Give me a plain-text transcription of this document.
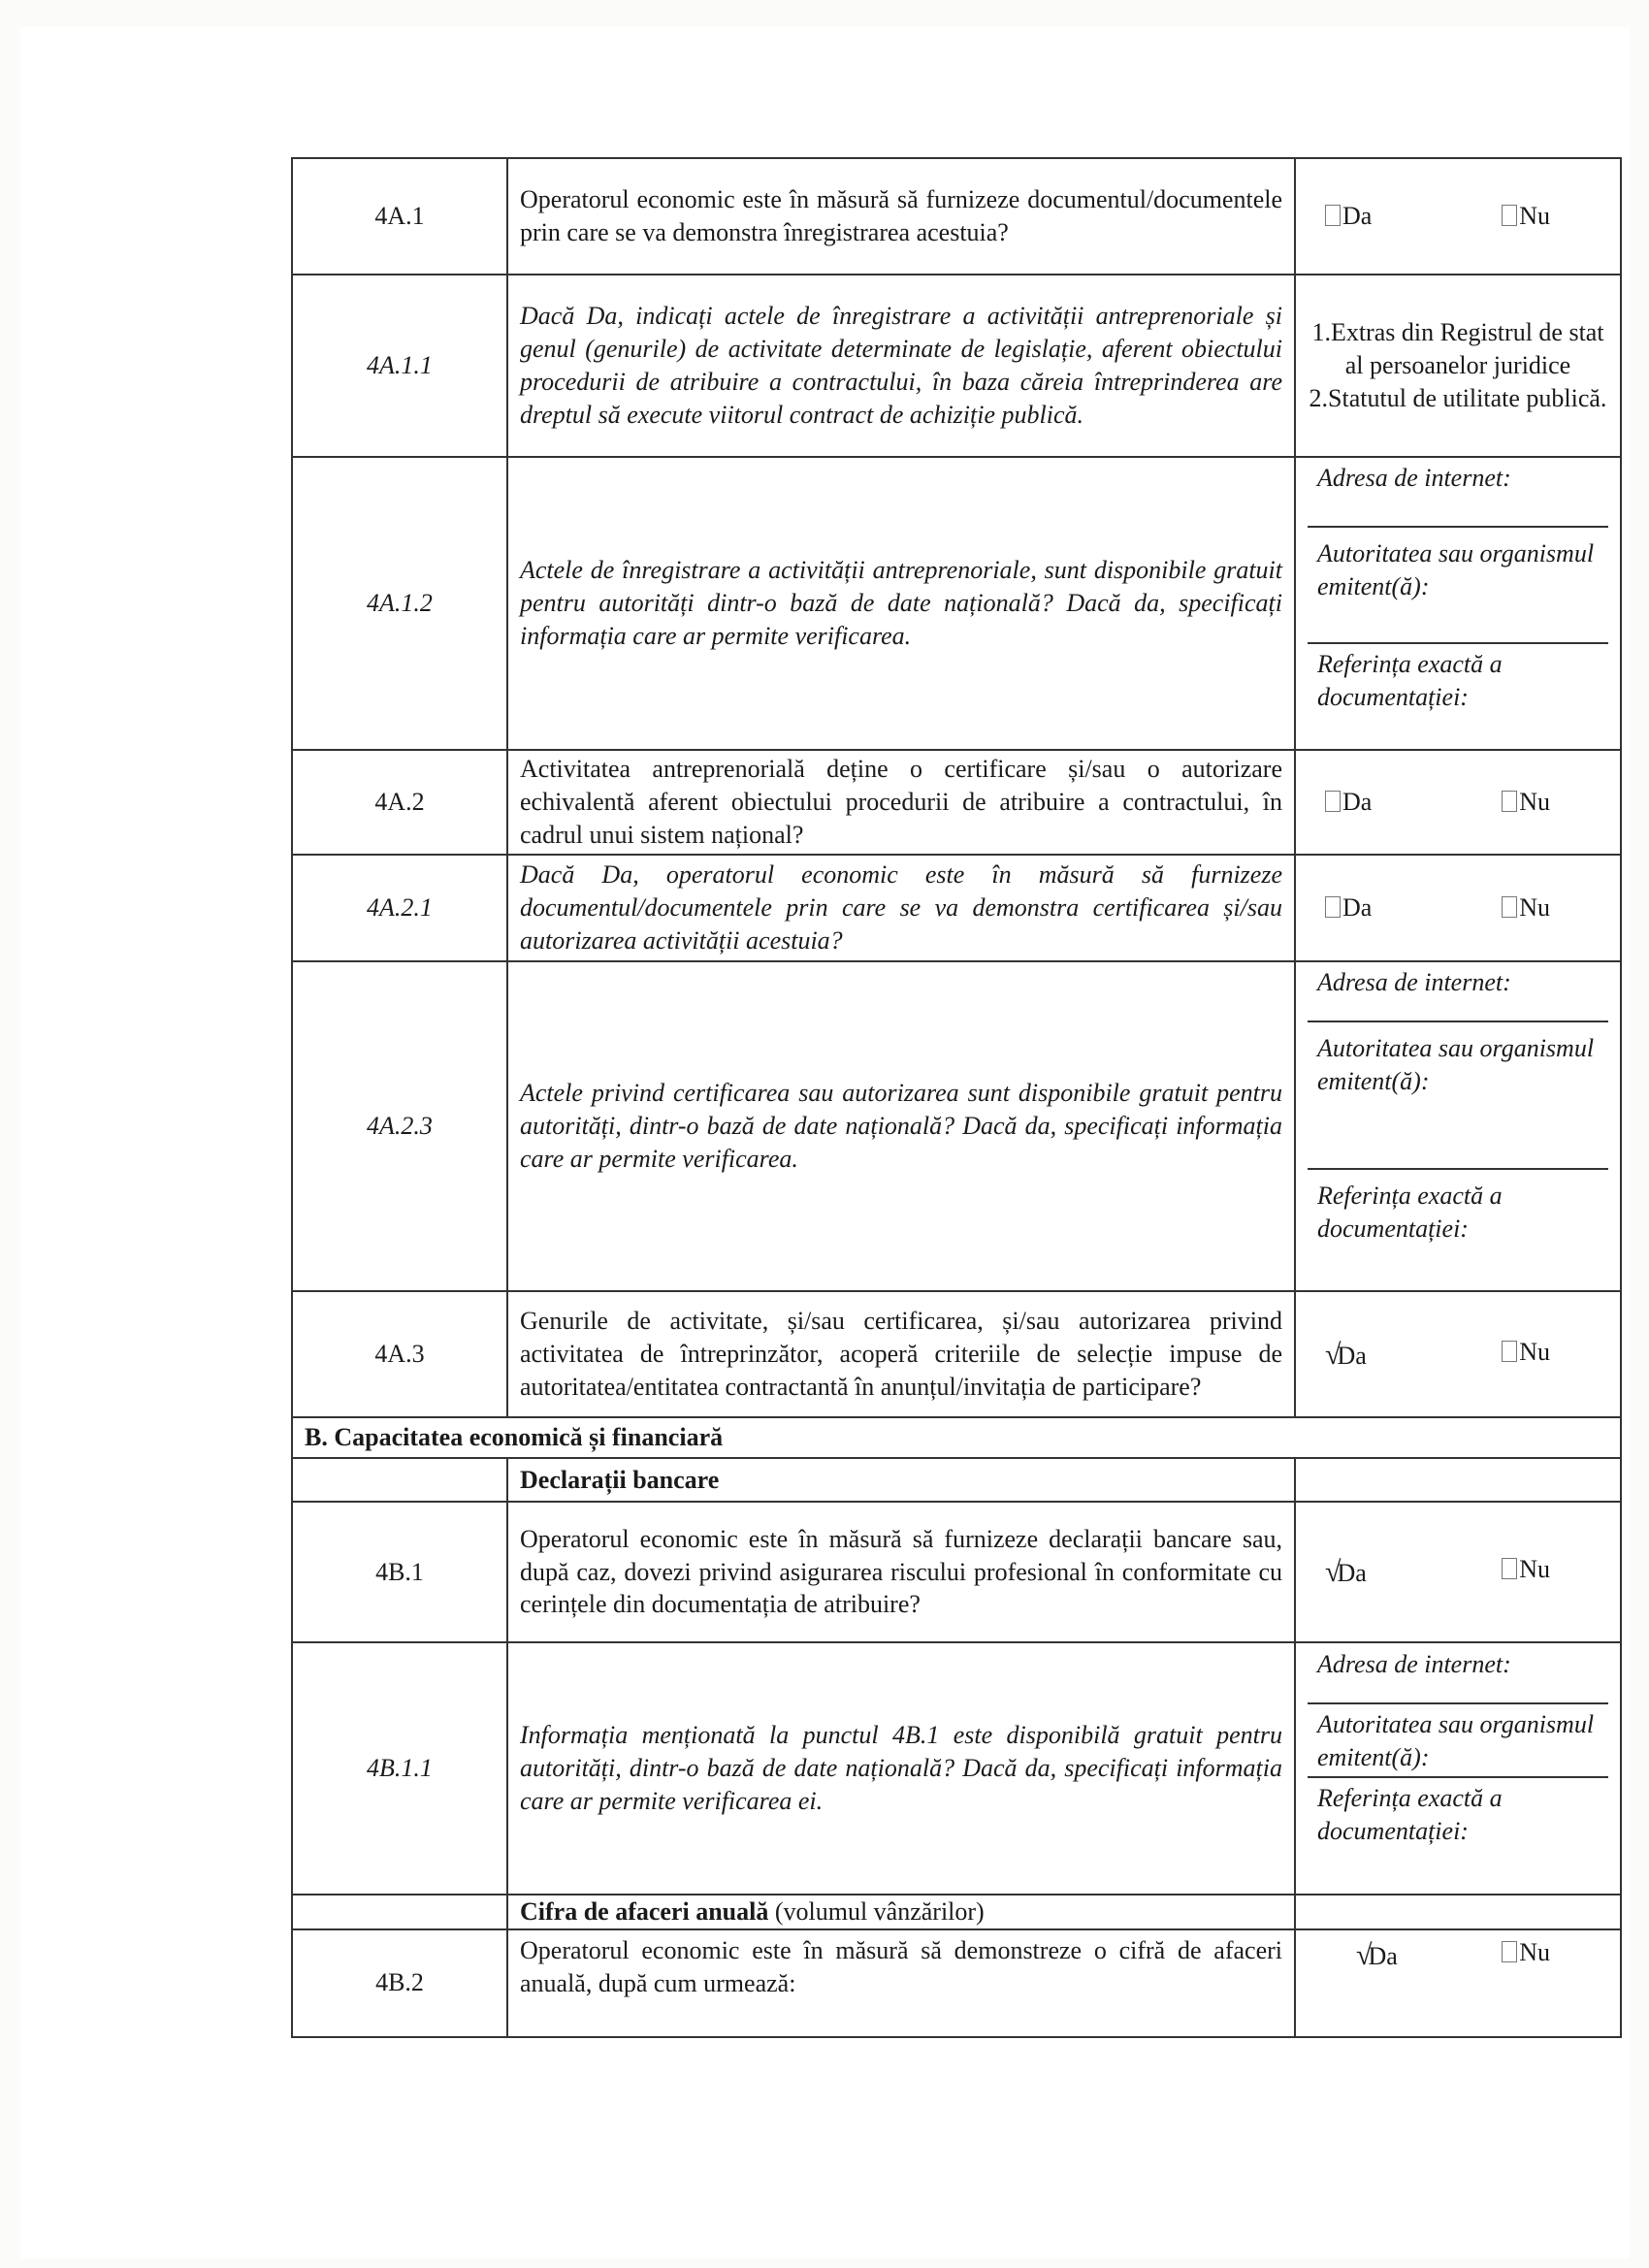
4A.1	Operatorul economic este în măsură să furnizeze documentul/documentele prin care se va demonstra înregistrarea acestuia?	Da Nu

4A.1.1	Dacă Da, indicați actele de înregistrare a activității antreprenoriale și genul (genurile) de activitate determinate de legislație, aferent obiectului procedurii de atribuire a contractului, în baza căreia întreprinderea are dreptul să execute viitorul contract de achiziție publică.	1.Extras din Registrul de stat al persoanelor juridice 2.Statutul de utilitate publică.
4A.1.2	Actele de înregistrare a activității antreprenoriale, sunt disponibile gratuit pentru autorități dintr-o bază de date națională? Dacă da, specificați informația care ar permite verificarea.	Adresa de internet:
Autoritatea sau organismul emitent(ă):
Referința exactă a documentației:

4A.2	Activitatea antreprenorială deține o certificare și/sau o autorizare echivalentă aferent obiectului procedurii de atribuire a contractului, în cadrul unui sistem național?	Da Nu

4A.2.1	Dacă Da, operatorul economic este în măsură să furnizeze documentul/documentele prin care se va demonstra certificarea și/sau autorizarea activității acestuia?	Da Nu

4A.2.3	Actele privind certificarea sau autorizarea sunt disponibile gratuit pentru autorități, dintr-o bază de date națională? Dacă da, specificați informația care ar permite verificarea.	Adresa de internet:
Autoritatea sau organismul emitent(ă):
Referința exactă a documentației:

4A.3	Genurile de activitate, și/sau certificarea, și/sau autorizarea privind activitatea de întreprinzător, acoperă criteriile de selecție impuse de autoritatea/entitatea contractantă în anunțul/invitația de participare?	√Da Nu

B. Capacitatea economică și financiară		
	Declarații bancare	
4B.1	Operatorul economic este în măsură să furnizeze declarații bancare sau, după caz, dovezi privind asigurarea riscului profesional în conformitate cu cerințele din documentația de atribuire?	√Da Nu

4B.1.1	Informația menționată la punctul 4B.1 este disponibilă gratuit pentru autorități, dintr-o bază de date națională? Dacă da, specificați informația care ar permite verificarea ei.	Adresa de internet:
Autoritatea sau organismul emitent(ă):
Referința exactă a documentației:

	Cifra de afaceri anuală (volumul vânzărilor)	
4B.2	Operatorul economic este în măsură să demonstreze o cifră de afaceri anuală, după cum urmează:	√Da Nu
